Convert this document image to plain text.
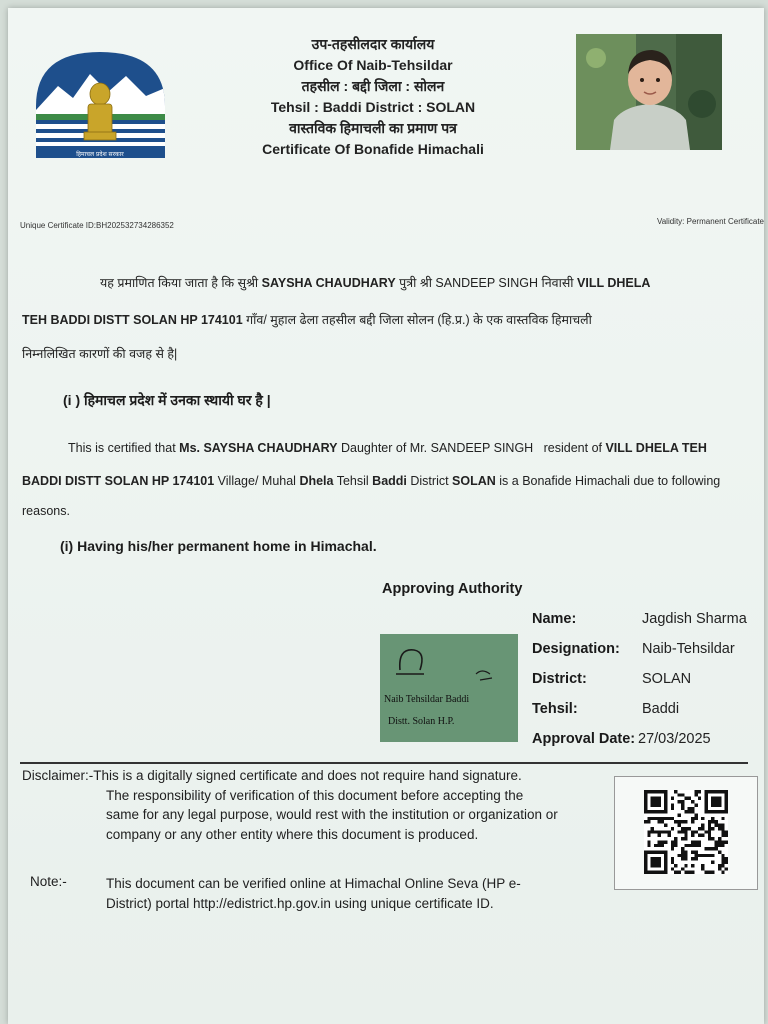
हिमाचल प्रदेश सरकार
उप-तहसीलदार कार्यालय
Office Of Naib-Tehsildar
तहसील : बद्दी जिला : सोलन
Tehsil : Baddi District : SOLAN
वास्तविक हिमाचली का प्रमाण पत्र
Certificate Of Bonafide Himachali
Unique Certificate ID:BH202532734286352	Validity: Permanent Certificate
यह प्रमाणित किया जाता है कि सुश्री SAYSHA CHAUDHARY पुत्री श्री SANDEEP SINGH निवासी VILL DHELA
TEH BADDI DISTT SOLAN HP 174101 गाँव/ मुहाल ढेला तहसील बद्दी जिला सोलन (हि.प्र.) के एक वास्तविक हिमाचली
निम्नलिखित कारणों की वजह से है|
(i ) हिमाचल प्रदेश में उनका स्थायी घर है |
This is certified that Ms. SAYSHA CHAUDHARY Daughter of Mr. SANDEEP SINGH   resident of VILL DHELA TEH
BADDI DISTT SOLAN HP 174101 Village/ Muhal Dhela Tehsil Baddi District SOLAN is a Bonafide Himachali due to following
reasons.
(i) Having his/her permanent home in Himachal.
Approving Authority
Name:	Jagdish Sharma
Designation: Naib-Tehsildar
District:	SOLAN
Tehsil:	Baddi
Approval Date: 27/03/2025
Naib Tehsildar Baddi
Distt. Solan H.P.
Disclaimer:-This is a digitally signed certificate and does not require hand signature.
The responsibility of verification of this document before accepting the
same for any legal purpose, would rest with the institution or organization or
company or any other entity where this document is produced.
Note:-	This document can be verified online at Himachal Online Seva (HP e-
District) portal http://edistrict.hp.gov.in using unique certificate ID.
